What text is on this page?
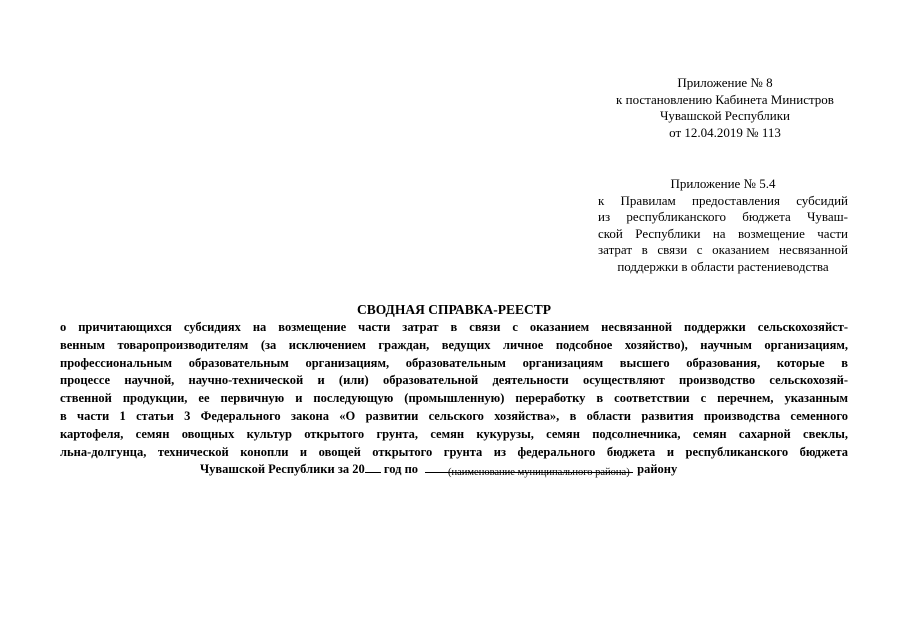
Приложение № 8
к постановлению Кабинета Министров
Чувашской Республики
от 12.04.2019 № 113
Приложение № 5.4
к Правилам предоставления субсидий
из республиканского бюджета Чуваш-
ской Республики на возмещение части
затрат в связи с оказанием несвязанной
поддержки в области растениеводства
СВОДНАЯ СПРАВКА-РЕЕСТР
о причитающихся субсидиях на возмещение части затрат в связи с оказанием несвязанной поддержки сельскохозяйст-
венным товаропроизводителям (за исключением граждан, ведущих личное подсобное хозяйство), научным организациям,
профессиональным образовательным организациям, образовательным организациям высшего образования, которые в
процессе научной, научно-технической и (или) образовательной деятельности осуществляют производство сельскохозяй-
ственной продукции, ее первичную и последующую (промышленную) переработку в соответствии с перечнем, указанным
в части 1 статьи 3 Федерального закона «О развитии сельского хозяйства», в области развития производства семенного
картофеля, семян овощных культур открытого грунта, семян кукурузы, семян подсолнечника, семян сахарной свеклы,
льна-долгунца, технической конопли и овощей открытого грунта из федерального бюджета и республиканского бюджета
Чувашской Республики за 20 год по	району
(наименование муниципального района)
